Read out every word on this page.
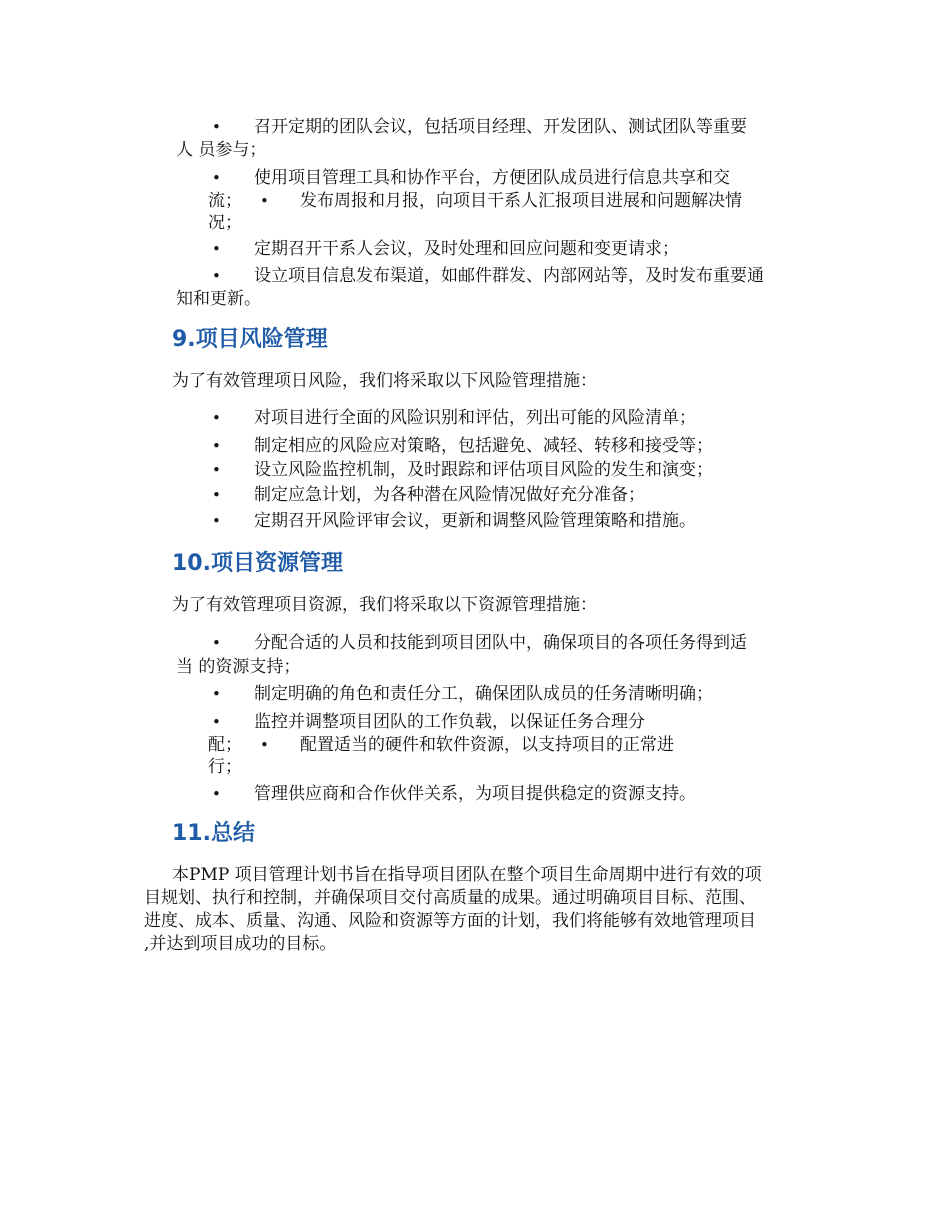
• 召开定期的团队会议，包括项目经理、开发团队、测试团队等重要

人 员参与；

• 使用项目管理工具和协作平台，方便团队成员进行信息共享和交

流； • 发布周报和月报，向项目干系人汇报项目进展和问题解决情

况；

• 定期召开干系人会议，及时处理和回应问题和变更请求；

• 设立项目信息发布渠道，如邮件群发、内部网站等，及时发布重要通

知和更新。

9.项目风险管理

为了有效管理项日风险，我们将采取以下风险管理措施：

• 对项目进行全面的风险识别和评估，列出可能的风险清单；

• 制定相应的风险应对策略，包括避免、减轻、转移和接受等；

• 设立风险监控机制，及时跟踪和评估项目风险的发生和演变；

• 制定应急计划，为各种潜在风险情况做好充分准备；

• 定期召开风险评审会议，更新和调整风险管理策略和措施。

10.项目资源管理

为了有效管理项目资源，我们将采取以下资源管理措施：

• 分配合适的人员和技能到项目团队中，确保项目的各项任务得到适

当 的资源支持；

• 制定明确的角色和责任分工，确保团队成员的任务清晰明确；

• 监控并调整项目团队的工作负载，以保证任务合理分

配； • 配置适当的硬件和软件资源，以支持项目的正常进

行；

• 管理供应商和合作伙伴关系，为项目提供稳定的资源支持。

11.总结

本PMP 项目管理计划书旨在指导项目团队在整个项目生命周期中进行有效的项

目规划、执行和控制，并确保项目交付高质量的成果。通过明确项目目标、范围、

进度、成本、质量、沟通、风险和资源等方面的计划，我们将能够有效地管理项目

,并达到项目成功的目标。
